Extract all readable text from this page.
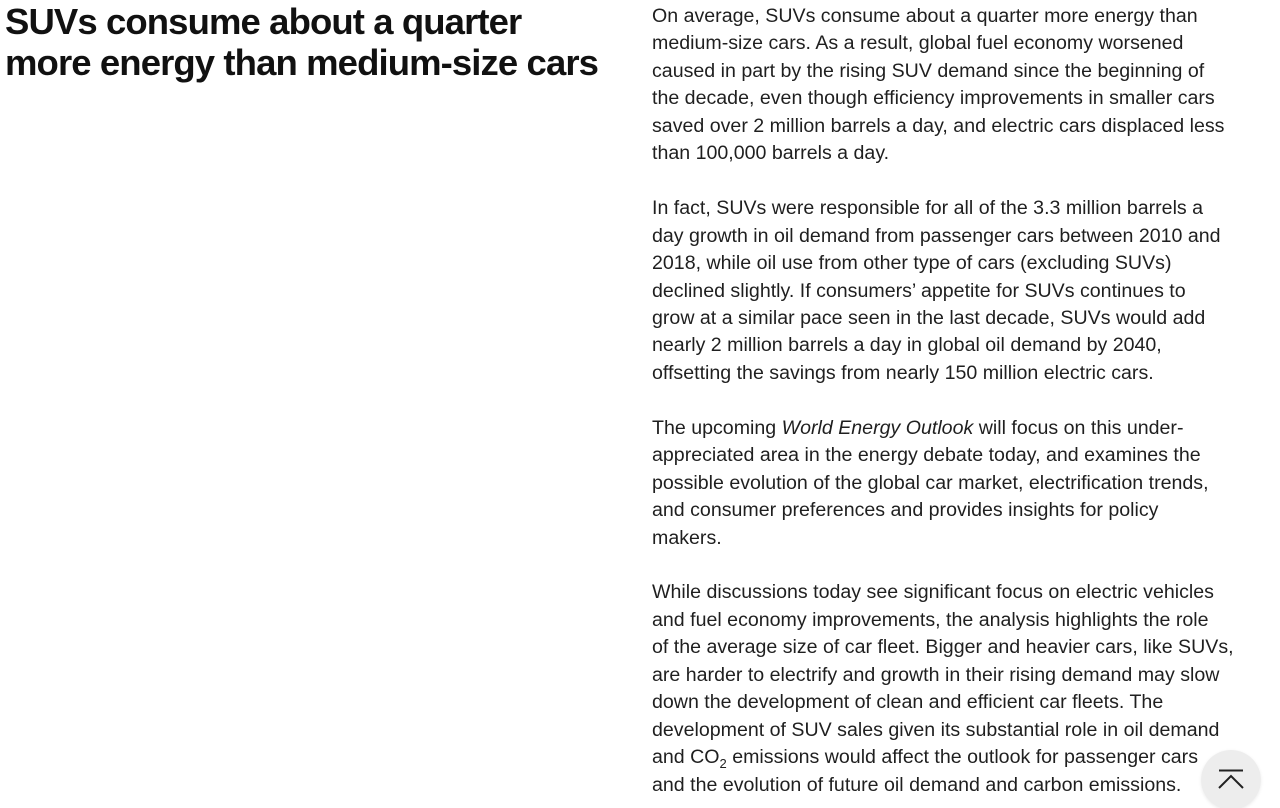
SUVs consume about a quarter
more energy than medium-size cars

On average, SUVs consume about a quarter more energy than
medium-size cars. As a result, global fuel economy worsened
caused in part by the rising SUV demand since the beginning of
the decade, even though efficiency improvements in smaller cars
saved over 2 million barrels a day, and electric cars displaced less
than 100,000 barrels a day.

In fact, SUVs were responsible for all of the 3.3 million barrels a
day growth in oil demand from passenger cars between 2010 and
2018, while oil use from other type of cars (excluding SUVs)
declined slightly. If consumers’ appetite for SUVs continues to
grow at a similar pace seen in the last decade, SUVs would add
nearly 2 million barrels a day in global oil demand by 2040,
offsetting the savings from nearly 150 million electric cars.

The upcoming World Energy Outlook will focus on this under-
appreciated area in the energy debate today, and examines the
possible evolution of the global car market, electrification trends,
and consumer preferences and provides insights for policy
makers.

While discussions today see significant focus on electric vehicles
and fuel economy improvements, the analysis highlights the role
of the average size of car fleet. Bigger and heavier cars, like SUVs,
are harder to electrify and growth in their rising demand may slow
down the development of clean and efficient car fleets. The
development of SUV sales given its substantial role in oil demand
and $CO_2$ emissions would affect the outlook for passenger cars
and the evolution of future oil demand and carbon emissions.
